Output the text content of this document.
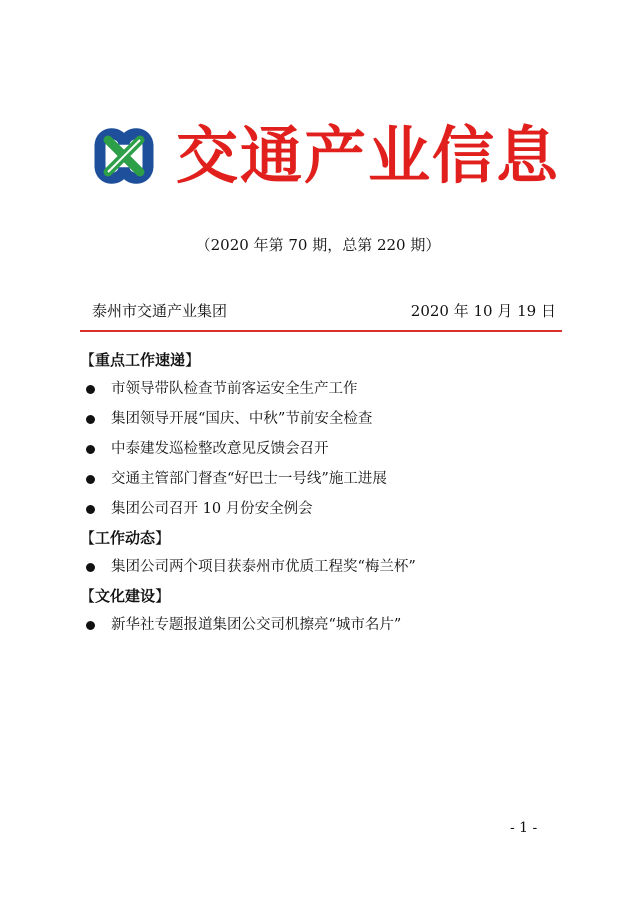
交通产业信息
（2020 年第 70 期，总第 220 期）
泰州市交通产业集团	2020 年 10 月 19 日
【重点工作速递】
市领导带队检查节前客运安全生产工作
集团领导开展“国庆、中秋”节前安全检查
中泰建发巡检整改意见反馈会召开
交通主管部门督查“好巴士一号线”施工进展
集团公司召开 10 月份安全例会
【工作动态】
集团公司两个项目获泰州市优质工程奖“梅兰杯”
【文化建设】
新华社专题报道集团公交司机擦亮“城市名片”
- 1 -
